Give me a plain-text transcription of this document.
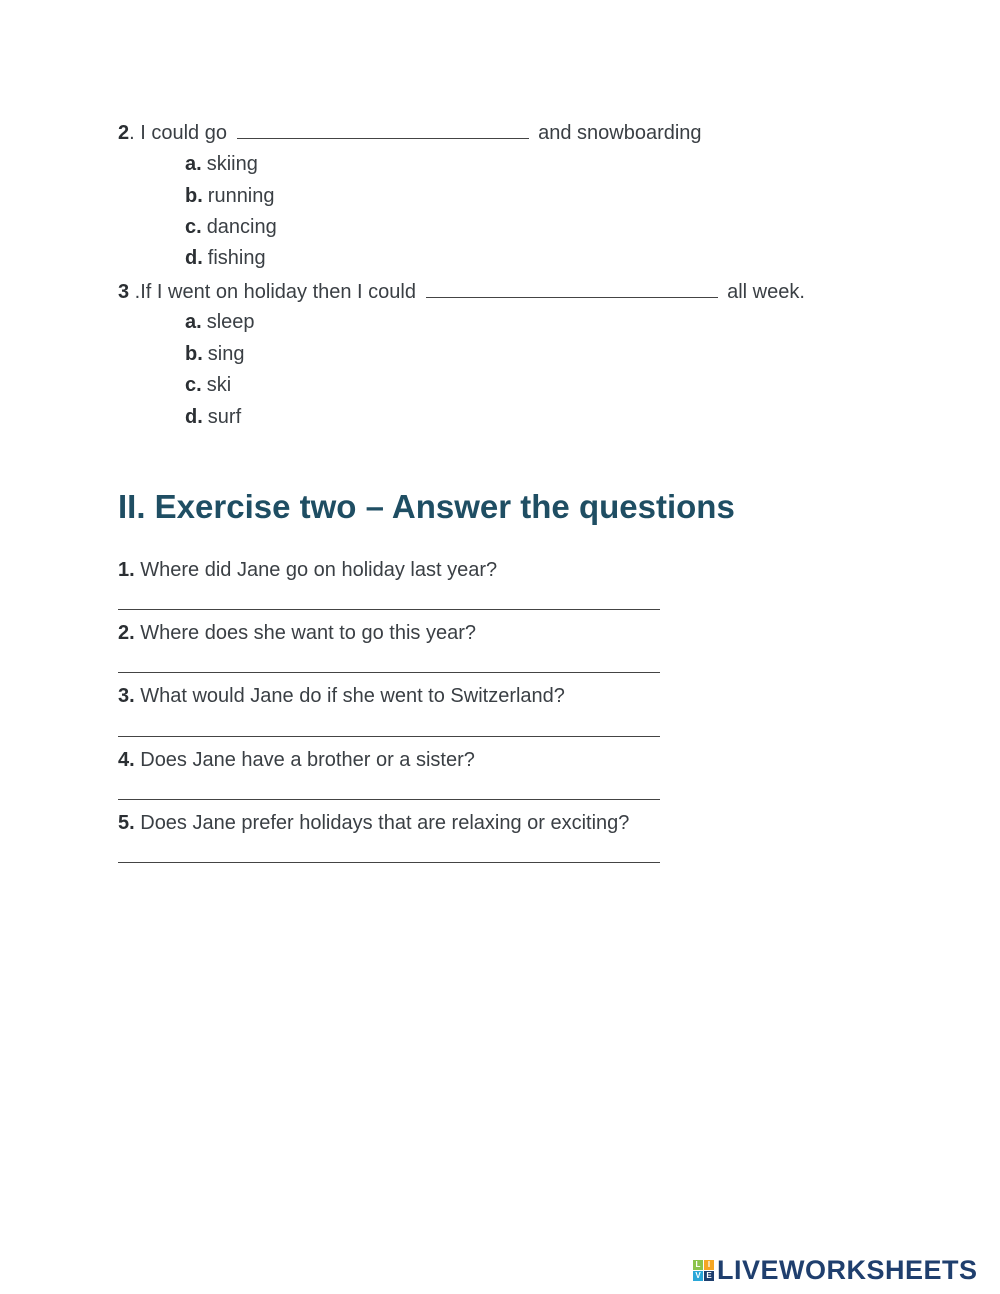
2. I could go	and snowboarding
a. skiing
b. running
c. dancing
d. fishing
3 .If I went on holiday then I could	all week.
a. sleep
b. sing
c. ski
d. surf
II. Exercise two – Answer the questions
1. Where did Jane go on holiday last year?
2. Where does she want to go this year?
3. What would Jane do if she went to Switzerland?
4. Does Jane have a brother or a sister?
5. Does Jane prefer holidays that are relaxing or exciting?
L I
V E LIVEWORKSHEETS
